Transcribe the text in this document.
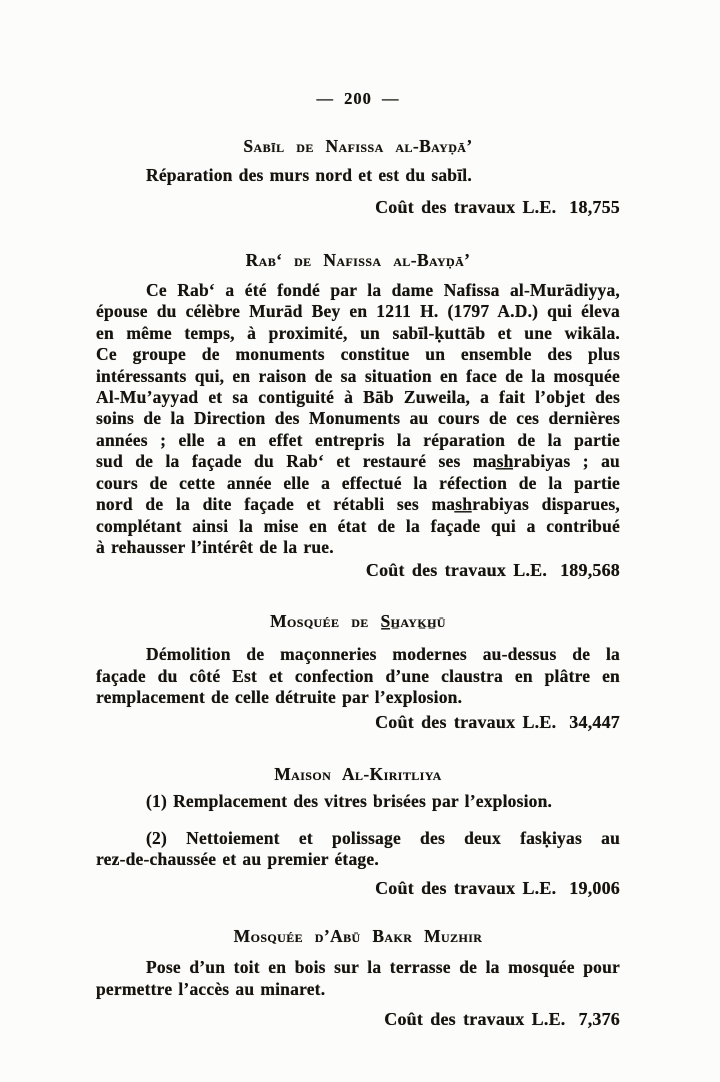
— 200 —
Sabīl de Nafissa al-Bayḍā’
Réparation des murs nord et est du sabīl.
Coût des travaux L.E. 18,755
Rab‘ de Nafissa al-Bayḍā’
Ce Rab‘ a été fondé par la dame Nafissa al-Murādiyya,
épouse du célèbre Murād Bey en 1211 H. (1797 A.D.) qui éleva
en même temps, à proximité, un sabīl-ḳuttāb et une wikāla.
Ce groupe de monuments constitue un ensemble des plus
intéressants qui, en raison de sa situation en face de la mosquée
Al-Mu’ayyad et sa contiguité à Bāb Zuweila, a fait l’objet des
soins de la Direction des Monuments au cours de ces dernières
années ; elle a en effet entrepris la réparation de la partie
sud de la façade du Rab‘ et restauré ses mas̲h̲rabiyas ; au
cours de cette année elle a effectué la réfection de la partie
nord de la dite façade et rétabli ses mas̲h̲rabiyas disparues,
complétant ainsi la mise en état de la façade qui a contribué
à rehausser l’intérêt de la rue.
Coût des travaux L.E. 189,568
Mosquée de S̲h̲ayk̲h̲ū
Démolition de maçonneries modernes au-dessus de la
façade du côté Est et confection d’une claustra en plâtre en
remplacement de celle détruite par l’explosion.
Coût des travaux L.E. 34,447
Maison Al-Kiritliya
(1) Remplacement des vitres brisées par l’explosion.
(2) Nettoiement et polissage des deux fasḳiyas au
rez-de-chaussée et au premier étage.
Coût des travaux L.E. 19,006
Mosquée d’Abū Bakr Muzhir
Pose d’un toit en bois sur la terrasse de la mosquée pour
permettre l’accès au minaret.
Coût des travaux L.E. 7,376
